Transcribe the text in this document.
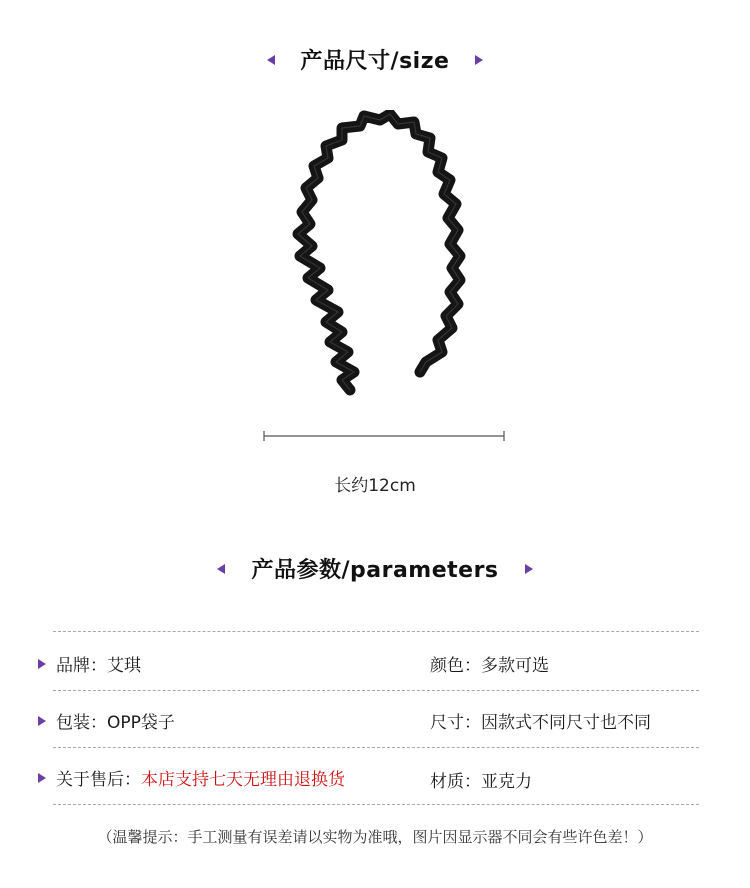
产品尺寸/size
长约12cm
产品参数/parameters
品牌： 艾琪	颜色： 多款可选
包装： OPP袋子	尺寸： 因款式不同尺寸也不同
关于售后： 本店支持七天无理由退换货	材质： 亚克力
（温馨提示：手工测量有误差请以实物为准哦，图片因显示器不同会有些许色差！）
